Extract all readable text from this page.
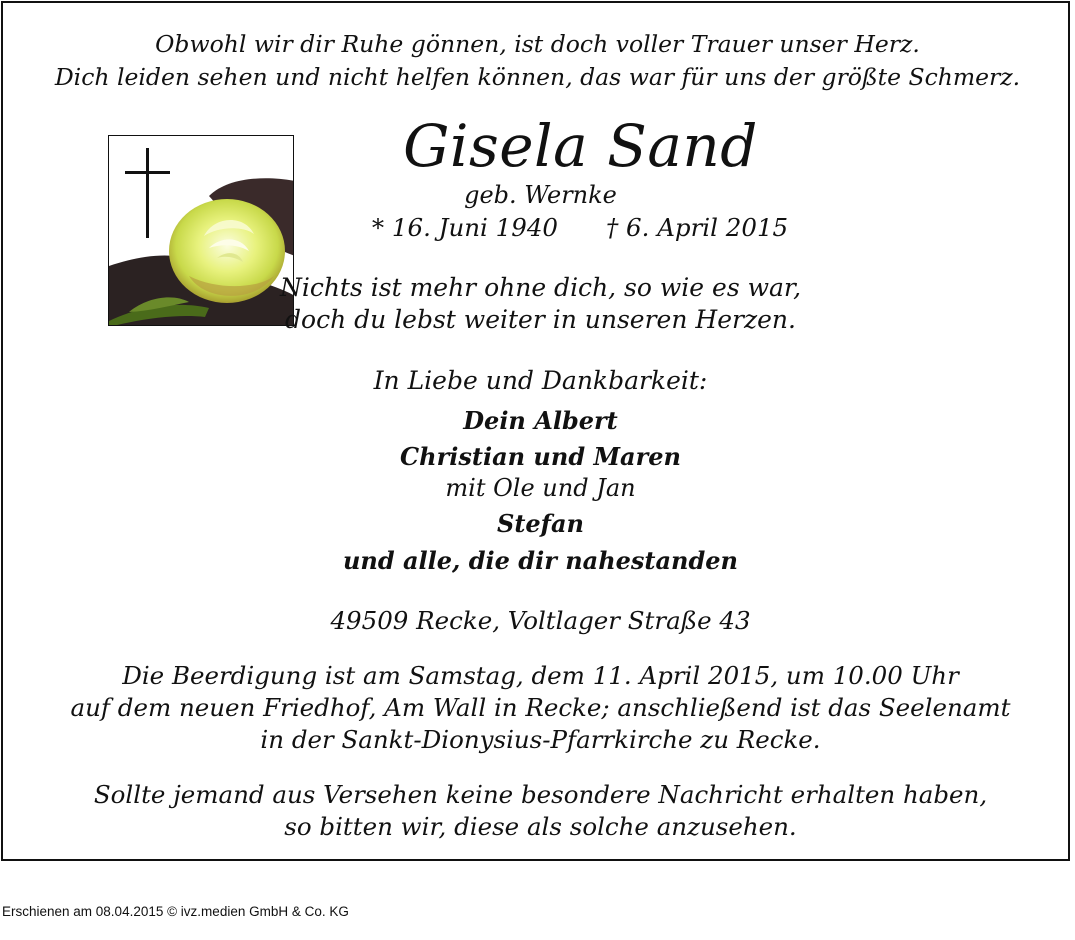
Obwohl wir dir Ruhe gönnen, ist doch voller Trauer unser Herz.
Dich leiden sehen und nicht helfen können, das war für uns der größte Schmerz.
Gisela Sand
geb. Wernke
* 16. Juni 1940 † 6. April 2015
Nichts ist mehr ohne dich, so wie es war,
doch du lebst weiter in unseren Herzen.
In Liebe und Dankbarkeit:
Dein Albert
Christian und Maren
mit Ole und Jan
Stefan
und alle, die dir nahestanden
49509 Recke, Voltlager Straße 43
Die Beerdigung ist am Samstag, dem 11. April 2015, um 10.00 Uhr
auf dem neuen Friedhof, Am Wall in Recke; anschließend ist das Seelenamt
in der Sankt-Dionysius-Pfarrkirche zu Recke.
Sollte jemand aus Versehen keine besondere Nachricht erhalten haben,
so bitten wir, diese als solche anzusehen.
Erschienen am 08.04.2015 © ivz.medien GmbH & Co. KG
